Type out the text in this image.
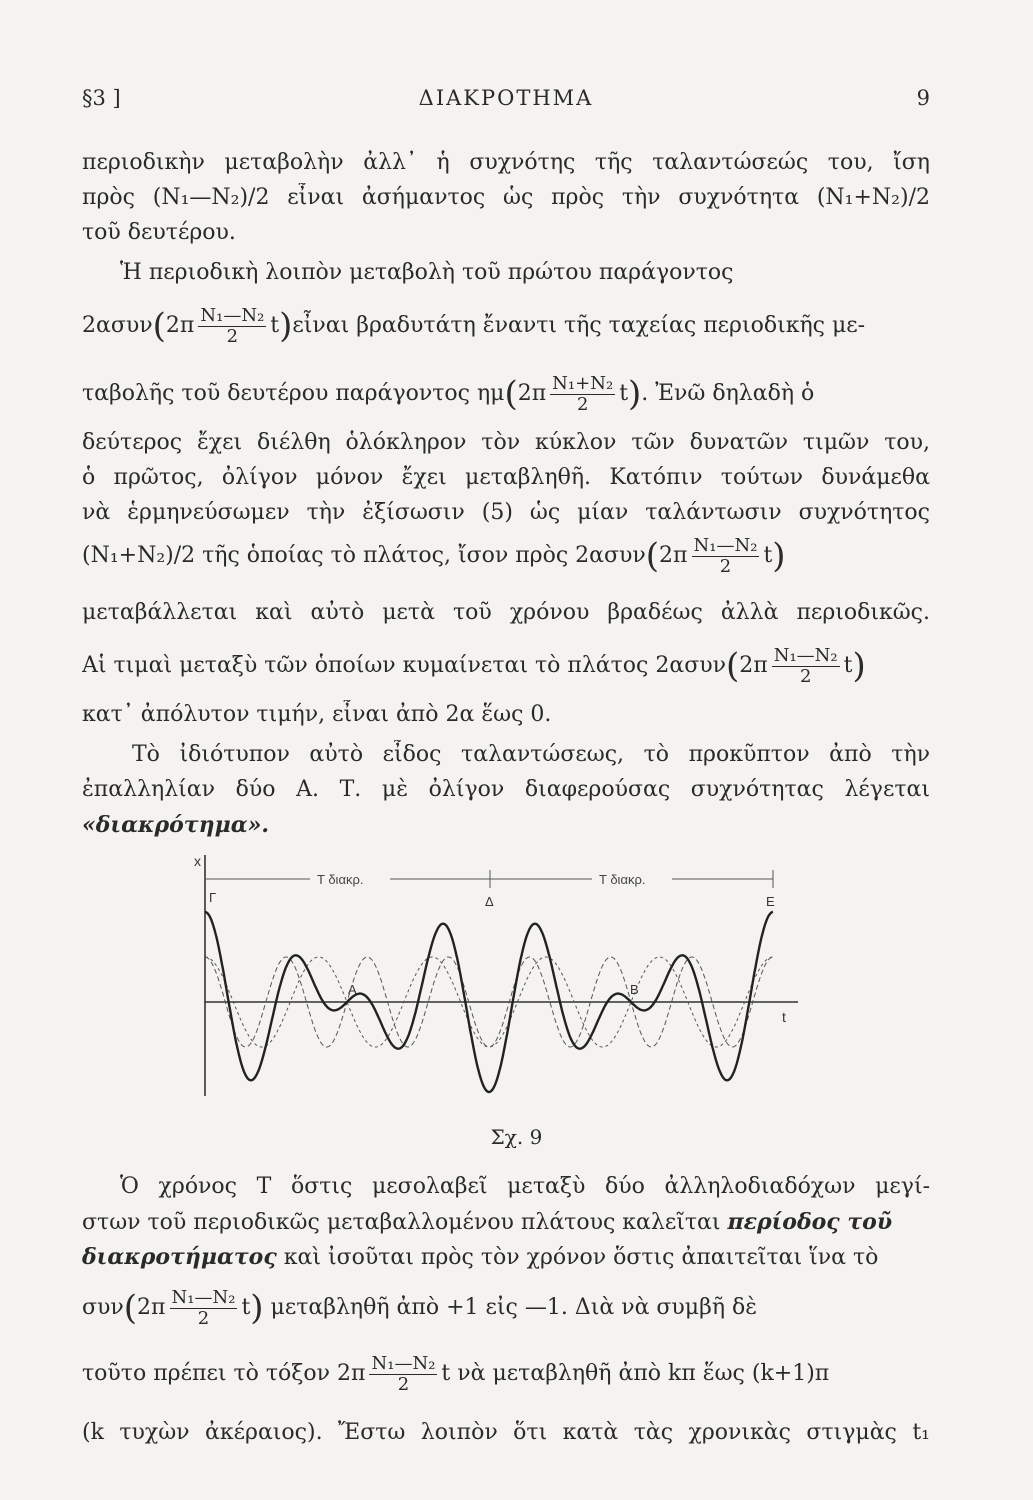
§3 ]	ΔΙΑΚΡΟΤΗΜΑ	9
περιοδικὴν μεταβολὴν ἀλλ᾽ ἡ συχνότης τῆς ταλαντώσεώς του, ἴση
πρὸς (N₁—N₂)/2 εἶναι ἀσήμαντος ὡς πρὸς τὴν συχνότητα (N₁+N₂)/2
τοῦ δευτέρου.
Ἡ περιοδικὴ λοιπὸν μεταβολὴ τοῦ πρώτου παράγοντος
$2\alpha\sigma\upsilon\nu(2\pi \frac{\text{N₁—N₂}}{2}$ t)εἶναι βραδυτάτη ἔναντι τῆς ταχείας περιοδικῆς με-
ταβολῆς τοῦ δευτέρου παράγοντος $\eta\mu(2\pi \frac{\text{N₁+N₂}}{2} t)$. Ἐνῶ δηλαδὴ ὁ
δεύτερος ἔχει διέλθη ὁλόκληρον τὸν κύκλον τῶν δυνατῶν τιμῶν του,
ὁ πρῶτος, ὀλίγον μόνον ἔχει μεταβληθῆ. Κατόπιν τούτων δυνάμεθα
νὰ ἑρμηνεύσωμεν τὴν ἐξίσωσιν (5) ὡς μίαν ταλάντωσιν συχνότητος
(N₁+N₂)/2 τῆς ὁποίας τὸ πλάτος, ἴσον πρὸς $2\alpha\sigma\upsilon\nu(2\pi \frac{\text{N₁—N₂}}{2} t)$
μεταβάλλεται καὶ αὐτὸ μετὰ τοῦ χρόνου βραδέως ἀλλὰ περιοδικῶς.
Αἱ τιμαὶ μεταξὺ τῶν ὁποίων κυμαίνεται τὸ πλάτος $2\alpha\sigma\upsilon\nu(2\pi \frac{\text{N₁—N₂}}{2} t)$
κατ᾽ ἀπόλυτον τιμήν, εἶναι ἀπὸ 2α ἕως 0.
Τὸ ἰδιότυπον αὐτὸ εἶδος ταλαντώσεως, τὸ προκῦπτον ἀπὸ τὴν
ἐπαλληλίαν δύο Α. Τ. μὲ ὀλίγον διαφερούσας συχνότητας λέγεται
«διακρότημα».
x
t
Τ διακρ.	Τ διακρ.
Γ	Δ	Ε
Α	Β
Σχ. 9
Ὁ χρόνος Τ ὅστις μεσολαβεῖ μεταξὺ δύο ἀλληλοδιαδόχων μεγί-
στων τοῦ περιοδικῶς μεταβαλλομένου πλάτους καλεῖται περίοδος τοῦ
διακροτήματος καὶ ἰσοῦται πρὸς τὸν χρόνον ὅστις ἀπαιτεῖται ἵνα τὸ
$\sigma\upsilon\nu(2\pi \frac{\text{N₁—N₂}}{2} t)$ μεταβληθῆ ἀπὸ +1 εἰς —1. Διὰ νὰ συμβῆ δὲ
τοῦτο πρέπει τὸ τόξον $2\pi \frac{\text{N₁—N₂}}{2}$ t νὰ μεταβληθῆ ἀπὸ kπ ἕως (k+1)π
(k τυχὼν ἀκέραιος). Ἔστω λοιπὸν ὅτι κατὰ τὰς χρονικὰς στιγμὰς t₁
